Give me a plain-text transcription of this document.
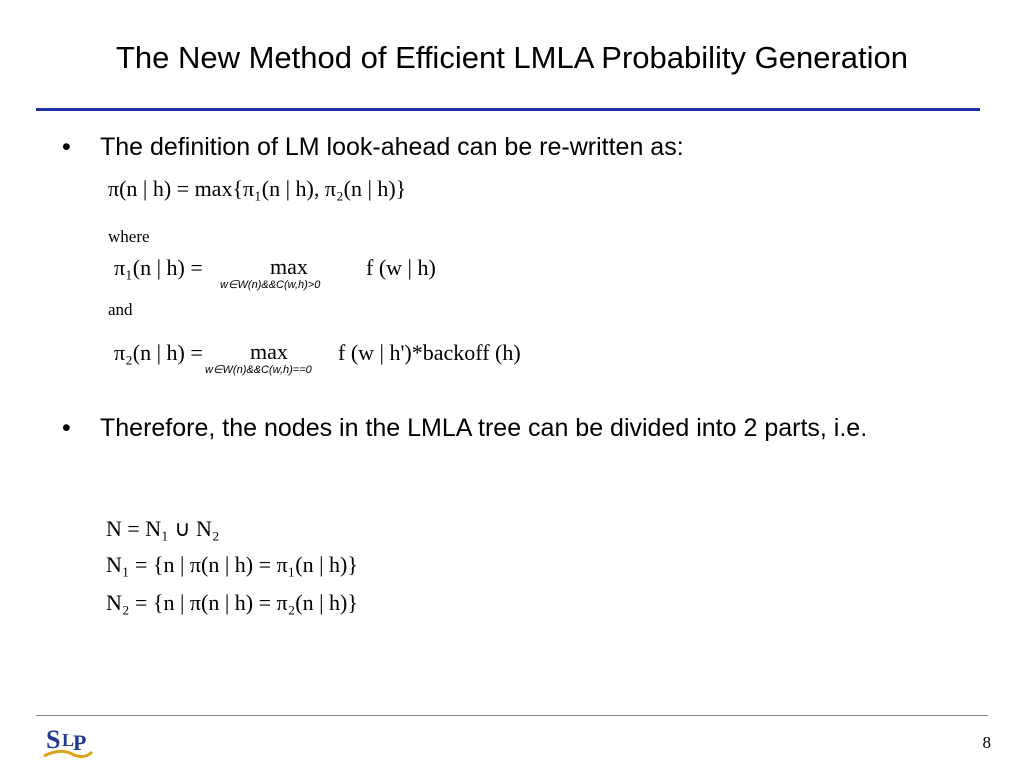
The New Method of Efficient LMLA Probability Generation
• The definition of LM look-ahead can be re-written as:
π(n | h) = max{π₁(n | h), π₂(n | h)}
where
π₁(n | h) =	max
w∈W(n)&&C(w,h)>0
f (w | h)
and
π₂(n | h) = max
w∈W(n)&&C(w,h)==0
f (w | h')*backoff (h)
• Therefore, the nodes in the LMLA tree can be divided into 2 parts, i.e.
N = N₁ ∪ N₂
N₁ = {n | π(n | h) = π₁(n | h)}
N₂ = {n | π(n | h) = π₂(n | h)}
S L
P	8
